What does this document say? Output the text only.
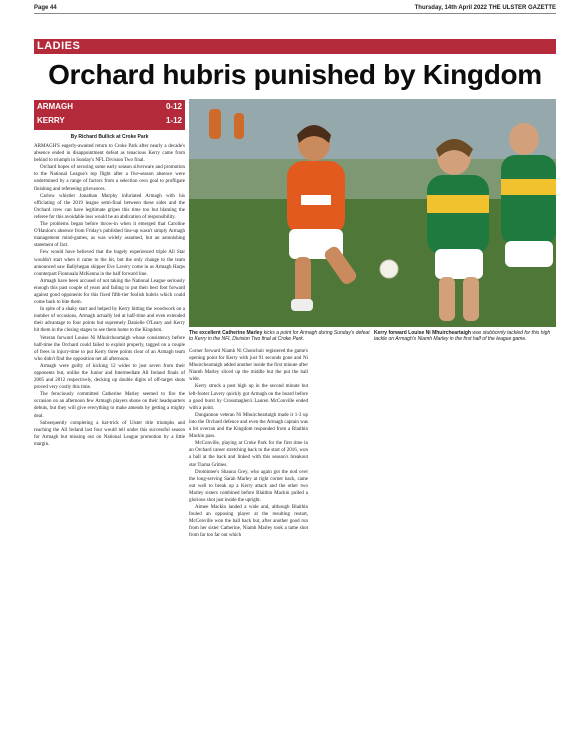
Page 44	Thursday, 14th April 2022 THE ULSTER GAZETTE
LADIES
Orchard hubris punished by Kingdom
ARMAGH	0-12
KERRY	1-12
By Richard Bullick at Croke Park

ARMAGH'S eagerly-awaited return to Croke Park after nearly a decade's absence ended in disappointment defeat as tenacious Kerry came from behind to triumph in Sunday's NFL Division Two final.

Orchard hopes of securing some early season silverware and promotion to the National League's top flight after a five-season absence were undermined by a range of factors from a selection own goal to profligate finishing and refereeing grievances.

Carlow whistler Jonathan Murphy infuriated Armagh with his officiating of the 2019 league semi-final between these sides and the Orchard crew can have legitimate gripes this time too but blaming the referee for this avoidable loss would be an abdication of responsibility.

The problems began before throw-in when it emerged that Caroline O'Hanlon's absence from Friday's published line-up wasn't simply Armagh management mind-games, as was widely assumed, but an astonishing statement of fact.

Few would have believed that the hugely experienced triple All Star wouldn't start when it came to the hit, but the only change to the team announced saw Ballyhegan skipper Eve Lavery come in as Armagh Harps counterpart Fionnuala McKenna in the half forward line.

Armagh have been accused of not taking the National League seriously enough this past couple of years and failing to put their best foot forward against good opponents for this fixed fifth-tier foolish hubris which could come back to bite them.

In spite of a shaky start and helped by Kerry hitting the woodwork on a number of occasions, Armagh actually led at half-time and even extended their advantage to four points but supremely Danielle O'Leary and Kerry hit them in the closing stages to see them home to the Kingdom.

Veteran forward Louise Ni Mhuircheartaigh whose consistency before half-time the Orchard could failed to exploit properly, tagged on a couple of frees in injury-time to put Kerry three points clear of an Armagh team who didn't find the opposition net all afternoon.

Armagh were guilty of kicking 12 wides to just seven from their opponents but, unlike the Junior and Intermediate All Ireland finals of 2005 and 2012 respectively, decking up double digits of off-target shots proved very costly this time.

The ferociously committed Catherine Marley seemed to fire the occasion on an afternoon few Armagh players shone on their headquarters debuts, but they will give everything to make amends by getting a mighty deal.

Subsequently completing a hat-trick of Ulster title triumphs and reaching the All Ireland last four would tell under this successful season for Armagh but missing out on National League promotion by a little margin.

The excellent Catherine Marley kicks a point for Armagh during Sunday's defeat to Kerry in the NFL Division Two final at Croke Park.
Kerry forward Louise Ni Mhuircheartaigh was stubbornly tackled for this high tackle on Armagh's Niamh Marley in the first half of the league game.

Corner forward Niamh Ni Chonchuir registered the game's opening point for Kerry with just 91 seconds gone and Ni Mhuircheartaigh added another inside the first minute after Niamh Marley sliced up the middle but the put the ball wide.

Kerry struck a post high up in the second minute but left-footer Lavery quickly got Armagh on the board before a good burst by Crossmaglen's Lauren McConville ended with a point.

Dungannon veteran Ni Mhuircheartaigh made it 1-3 up into the Orchard defence and even the Armagh captain was a bit overran and the Kingdom responded from a Blaithin Mackin pass.

McConville, playing at Croke Park for the first time in an Orchard career stretching back to the start of 2016, won a ball at the back and linked with this season's breakout star Tiarna Grimes.

Dromintee's Shauna Grey, who again got the nod over the long-serving Sarah Marley at right corner back, came out well to break up a Kerry attack and the other two Marley sisters combined before Blaithin Mackin pulled a glorious shot just inside the upright.

Aimee Mackin landed a wide and, although Blaithin fouled an opposing player at the resulting restart, McConville won the ball back but, after another good run from her sister Catherine, Niamh Marley took a tame shot from far too far out which
